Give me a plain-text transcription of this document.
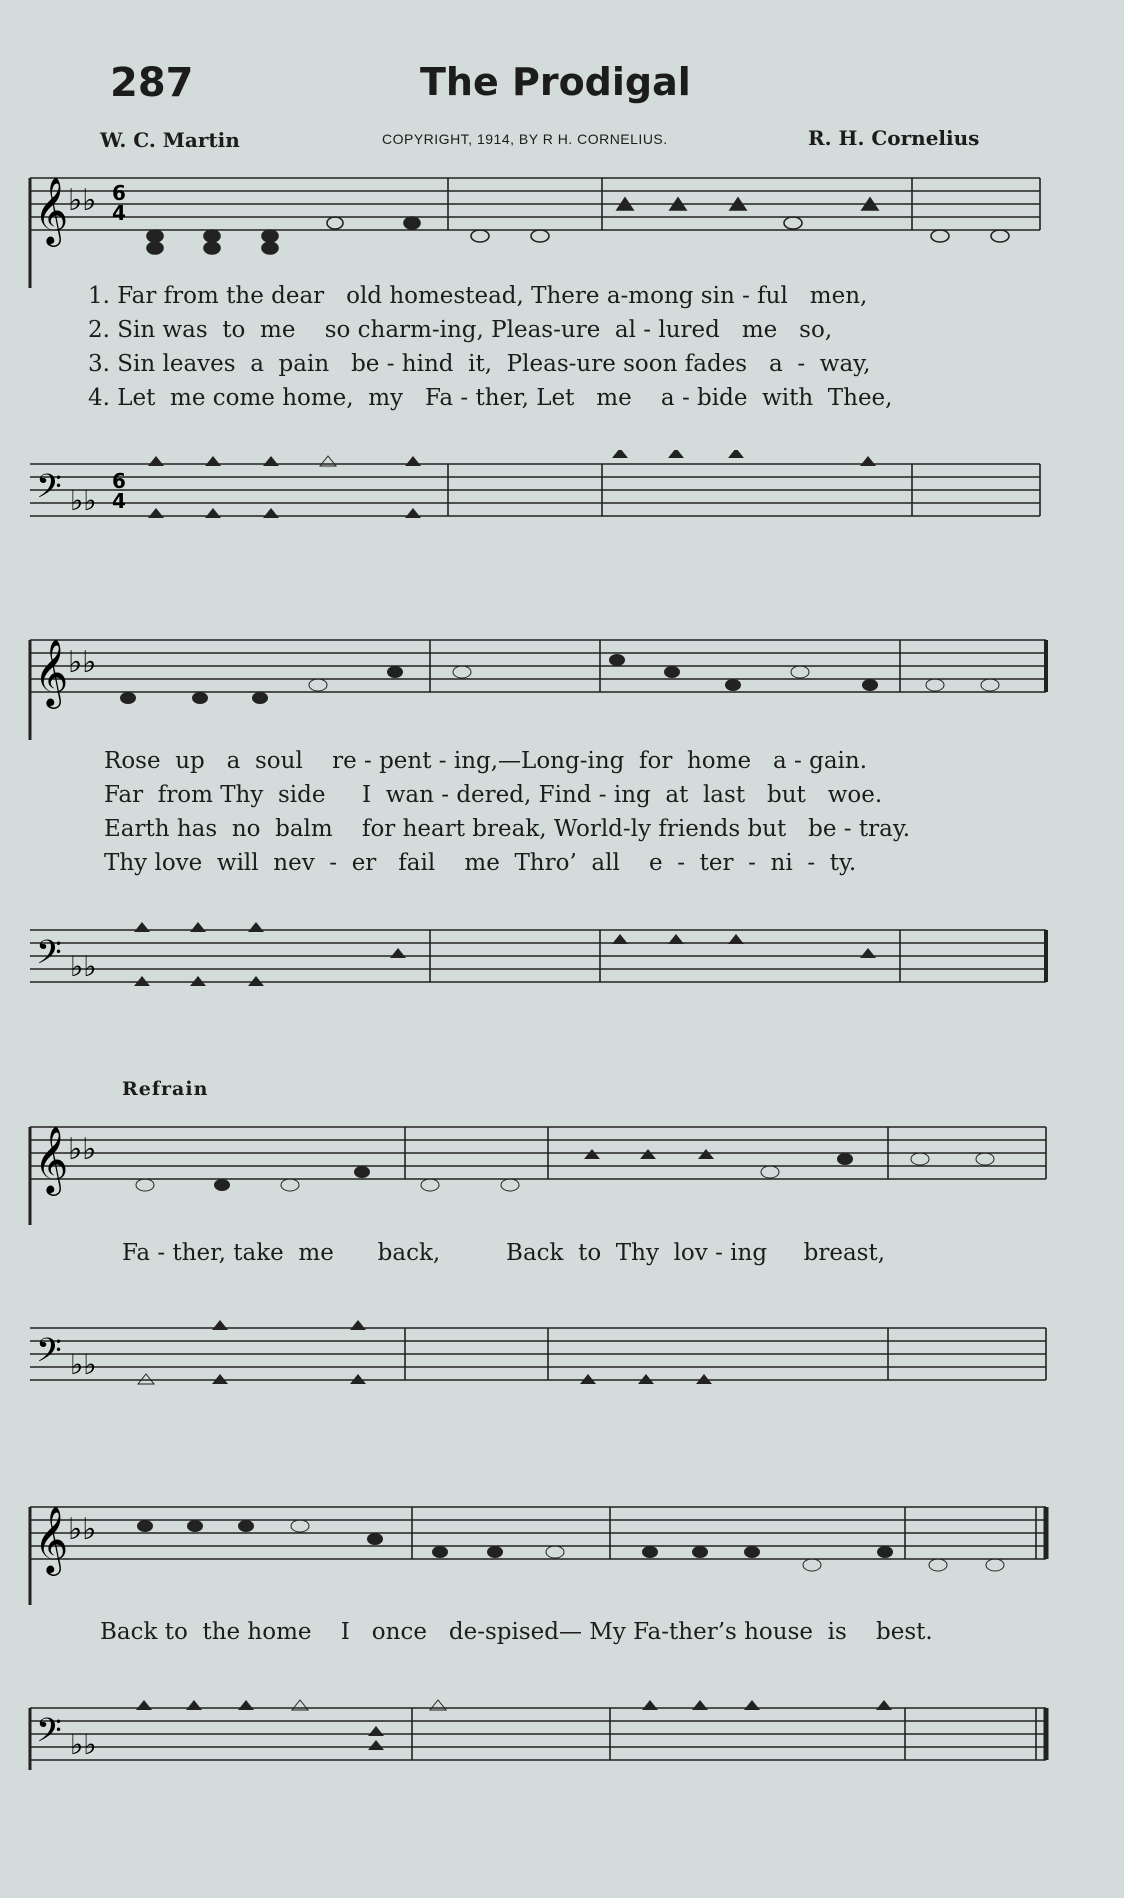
287	The Prodigal
W. C. Martin	COPYRIGHT, 1914, BY R H. CORNELIUS.	R. H. Cornelius
𝄞 ♭♭ 6
4
1. Far from the dear   old homestead, There a-mong sin - ful   men,
2. Sin was  to  me    so charm-ing, Pleas-ure  al - lured   me   so,
3. Sin leaves  a  pain   be - hind  it,  Pleas-ure soon fades   a  -  way,
4. Let  me come home,  my   Fa - ther, Let   me    a - bide  with  Thee,
𝄢 ♭♭
6
4
𝄞 ♭♭
Rose  up   a  soul    re - pent - ing,—Long-ing  for  home   a - gain.
Far  from Thy  side     I  wan - dered, Find - ing  at  last   but   woe.
Earth has  no  balm    for heart break, World-ly friends but   be - tray.
Thy love  will  nev  -  er   fail    me  Thro’  all    e  -  ter  -  ni  -  ty.
𝄢 ♭♭
Refrain
𝄞 ♭♭
Fa - ther, take  me      back,         Back  to  Thy  lov - ing     breast,
𝄢 ♭♭
𝄞 ♭♭
Back to  the home    I   once   de-spised— My Fa-ther’s house  is    best.
𝄢 ♭♭
